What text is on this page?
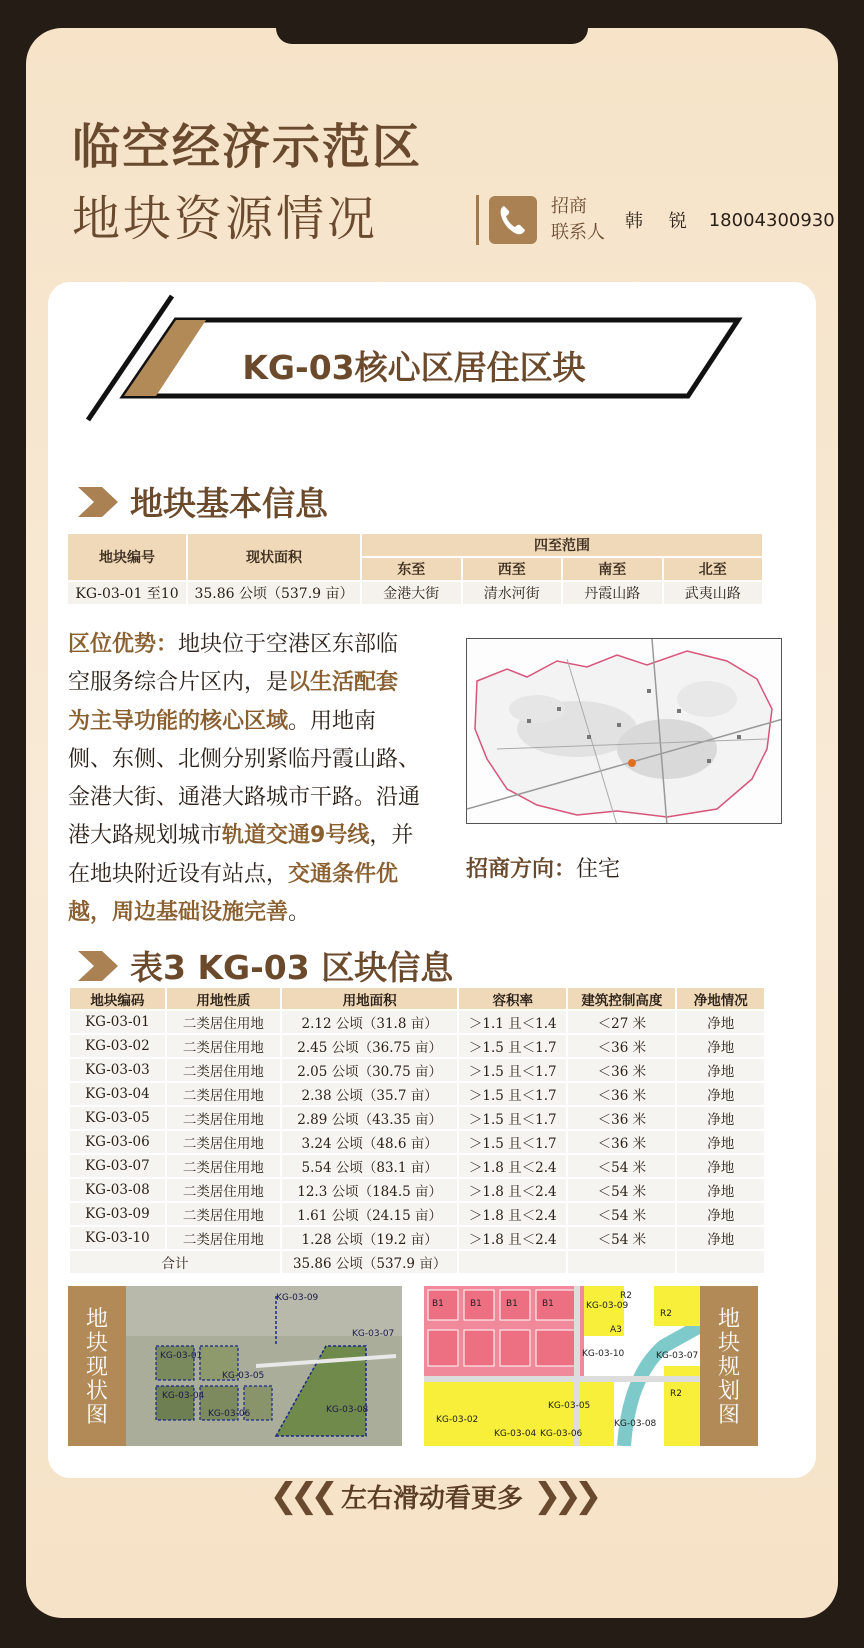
临空经济示范区
地块资源情况	招商
联系人
韩 锐 18004300930
KG-03核心区居住区块
地块基本信息
地块编号	现状面积	四至范围			
		东至	西至	南至	北至
KG-03-01 至10	35.86 公顷（537.9 亩）	金港大街	清水河街	丹霞山路	武夷山路
区位优势：地块位于空港区东部临空服务综合片区内，是以生活配套为主导功能的核心区域。用地南侧、东侧、北侧分别紧临丹霞山路、金港大街、通港大路城市干路。沿通港大路规划城市轨道交通9号线，并在地块附近设有站点，交通条件优越，周边基础设施完善。
招商方向：住宅
表3 KG-03 区块信息
地块编码	用地性质	用地面积	容积率	建筑控制高度	净地情况
KG-03-01	二类居住用地	2.12 公顷（31.8 亩）	＞1.1 且＜1.4	＜27 米	净地
KG-03-02	二类居住用地	2.45 公顷（36.75 亩）	＞1.5 且＜1.7	＜36 米	净地
KG-03-03	二类居住用地	2.05 公顷（30.75 亩）	＞1.5 且＜1.7	＜36 米	净地
KG-03-04	二类居住用地	2.38 公顷（35.7 亩）	＞1.5 且＜1.7	＜36 米	净地
KG-03-05	二类居住用地	2.89 公顷（43.35 亩）	＞1.5 且＜1.7	＜36 米	净地
KG-03-06	二类居住用地	3.24 公顷（48.6 亩）	＞1.5 且＜1.7	＜36 米	净地
KG-03-07	二类居住用地	5.54 公顷（83.1 亩）	＞1.8 且＜2.4	＜54 米	净地
KG-03-08	二类居住用地	12.3 公顷（184.5 亩）	＞1.8 且＜2.4	＜54 米	净地
KG-03-09	二类居住用地	1.61 公顷（24.15 亩）	＞1.8 且＜2.4	＜54 米	净地
KG-03-10	二类居住用地	1.28 公顷（19.2 亩）	＞1.8 且＜2.4	＜54 米	净地
合计		35.86 公顷（537.9 亩）			
地块现状图
KG-03-09
KG-03-07
KG-03-01
KG-03-05
KG-03-06	KG-03-08
KG-03-04
B1	B1	B1	B1
R2
A3
KG-03-09
KG-03-10	KG-03-07
R2
R2
KG-03-05
KG-03-06
KG-03-08
KG-03-02
KG-03-04
地块规划图
❮❮❮ 左右滑动看更多 ❯❯❯
